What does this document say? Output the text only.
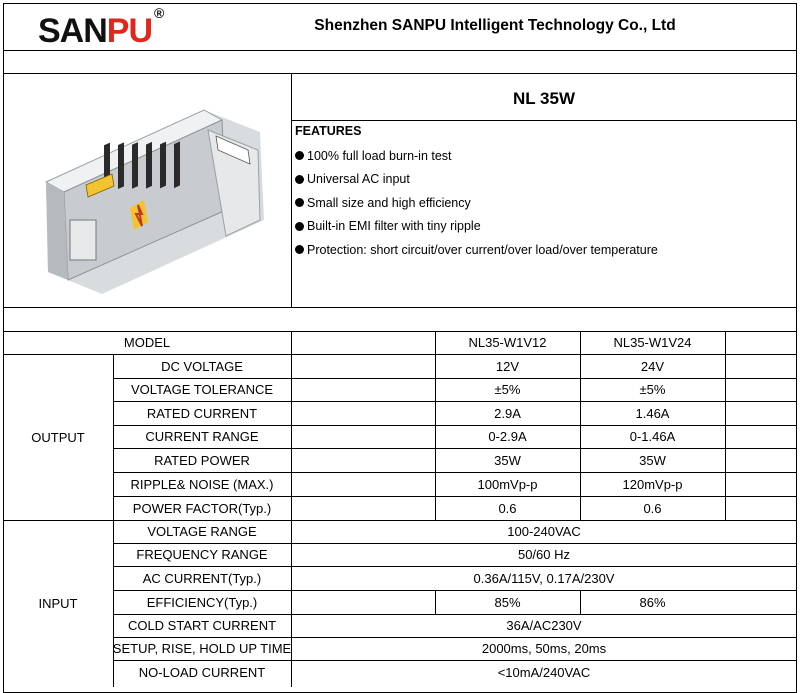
SAN PU ®
Shenzhen SANPU Intelligent Technology Co., Ltd
NL 35W
FEATURES
100% full load burn-in test
Universal AC input
Small size and high efficiency
Built-in EMI filter with tiny ripple
Protection: short circuit/over current/over load/over temperature
MODEL	NL35-W1V12	NL35-W1V24
OUTPUT
DC VOLTAGE	12V	24V
VOLTAGE TOLERANCE	±5%	±5%
RATED CURRENT	2.9A	1.46A
CURRENT RANGE	0-2.9A	0-1.46A
RATED POWER	35W	35W
RIPPLE& NOISE (MAX.)	100mVp-p	120mVp-p
POWER FACTOR(Typ.)	0.6	0.6
INPUT
VOLTAGE RANGE	100-240VAC
FREQUENCY RANGE	50/60 Hz
AC CURRENT(Typ.)	0.36A/115V, 0.17A/230V
EFFICIENCY(Typ.)	85%	86%
COLD START CURRENT	36A/AC230V
SETUP, RISE, HOLD UP TIME	2000ms, 50ms, 20ms
NO-LOAD CURRENT	<10mA/240VAC
